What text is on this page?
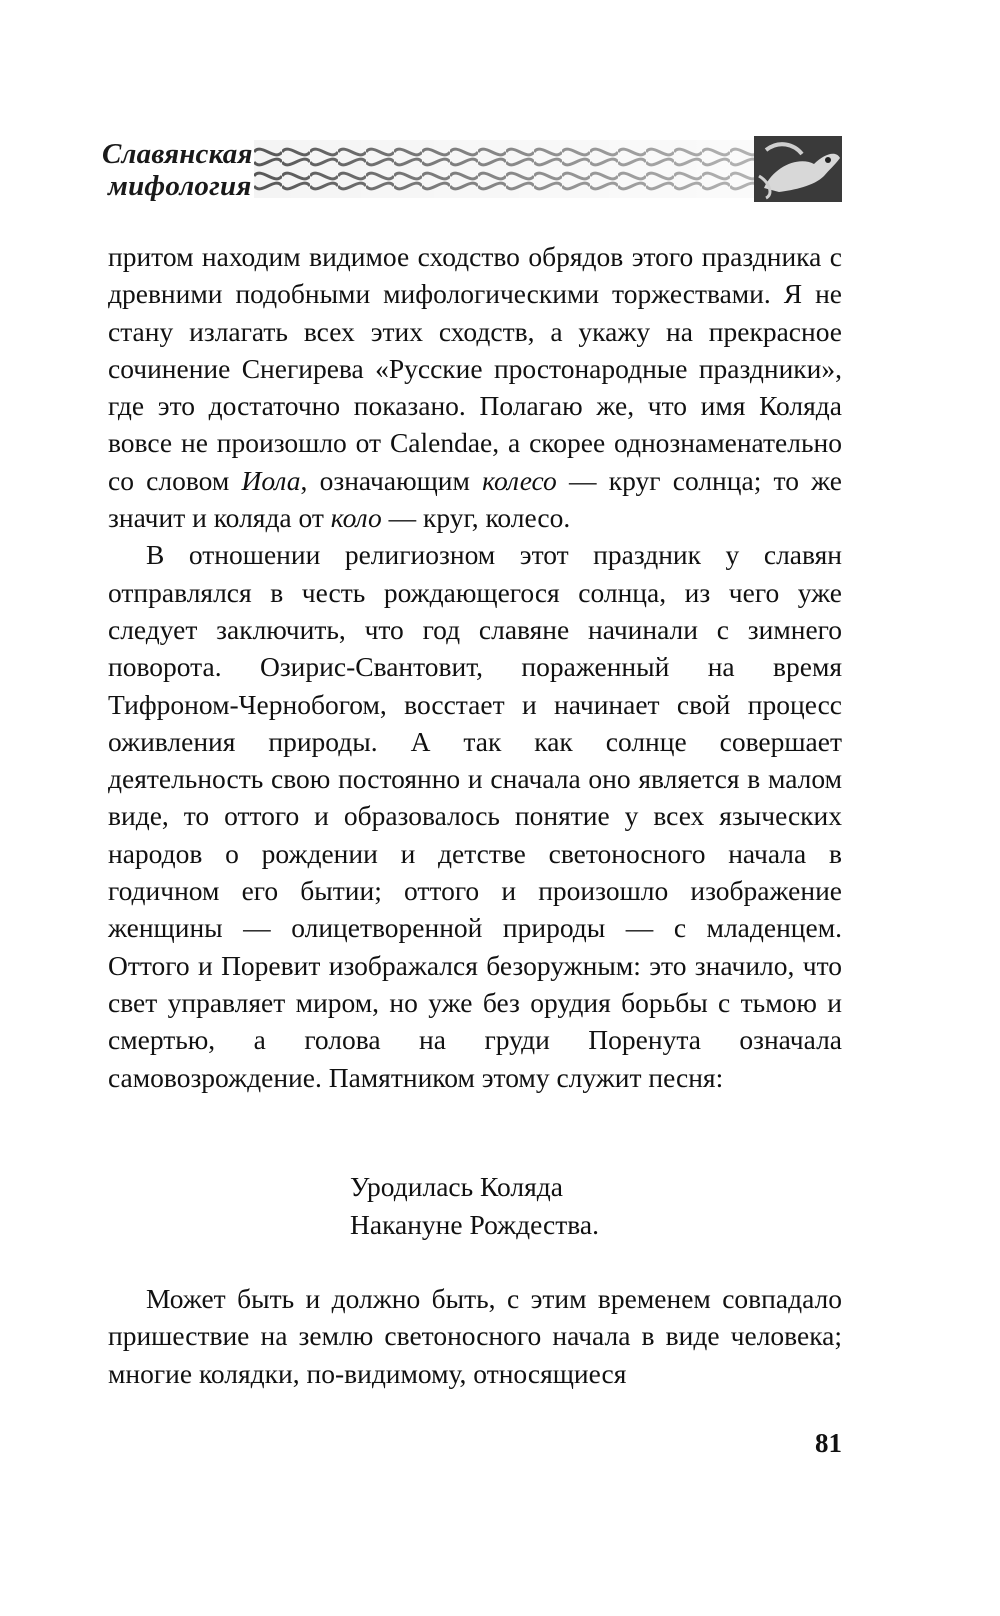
Славянская
мифология

притом находим видимое сходство обрядов этого праздника с древними подобными мифологическими торжествами. Я не стану излагать всех этих сходств, а укажу на прекрасное сочинение Снегирева «Русские простонародные праздники», где это достаточно показано. Полагаю же, что имя Коляда вовсе не произошло от Calendae, а скорее однознаменательно со словом Иола, означающим колесо — круг солнца; то же значит и коляда от коло — круг, колесо.

В отношении религиозном этот праздник у славян отправлялся в честь рождающегося солнца, из чего уже следует заключить, что год славяне начинали с зимнего поворота. Озирис-Свантовит, пораженный на время Тифроном-Чернобогом, восстает и начинает свой процесс оживления природы. А так как солнце совершает деятельность свою постоянно и сначала оно является в малом виде, то оттого и образовалось понятие у всех языческих народов о рождении и детстве светоносного начала в годичном его бытии; оттого и произошло изображение женщины — олицетворенной природы — с младенцем. Оттого и Поревит изображался безоружным: это значило, что свет управляет миром, но уже без орудия борьбы с тьмою и смертью, а голова на груди Поренута означала самовозрождение. Памятником этому служит песня:

Уродилась Коляда
Накануне Рождества.

Может быть и должно быть, с этим временем совпадало пришествие на землю светоносного начала в виде человека; многие колядки, по-видимому, относящиеся

81
